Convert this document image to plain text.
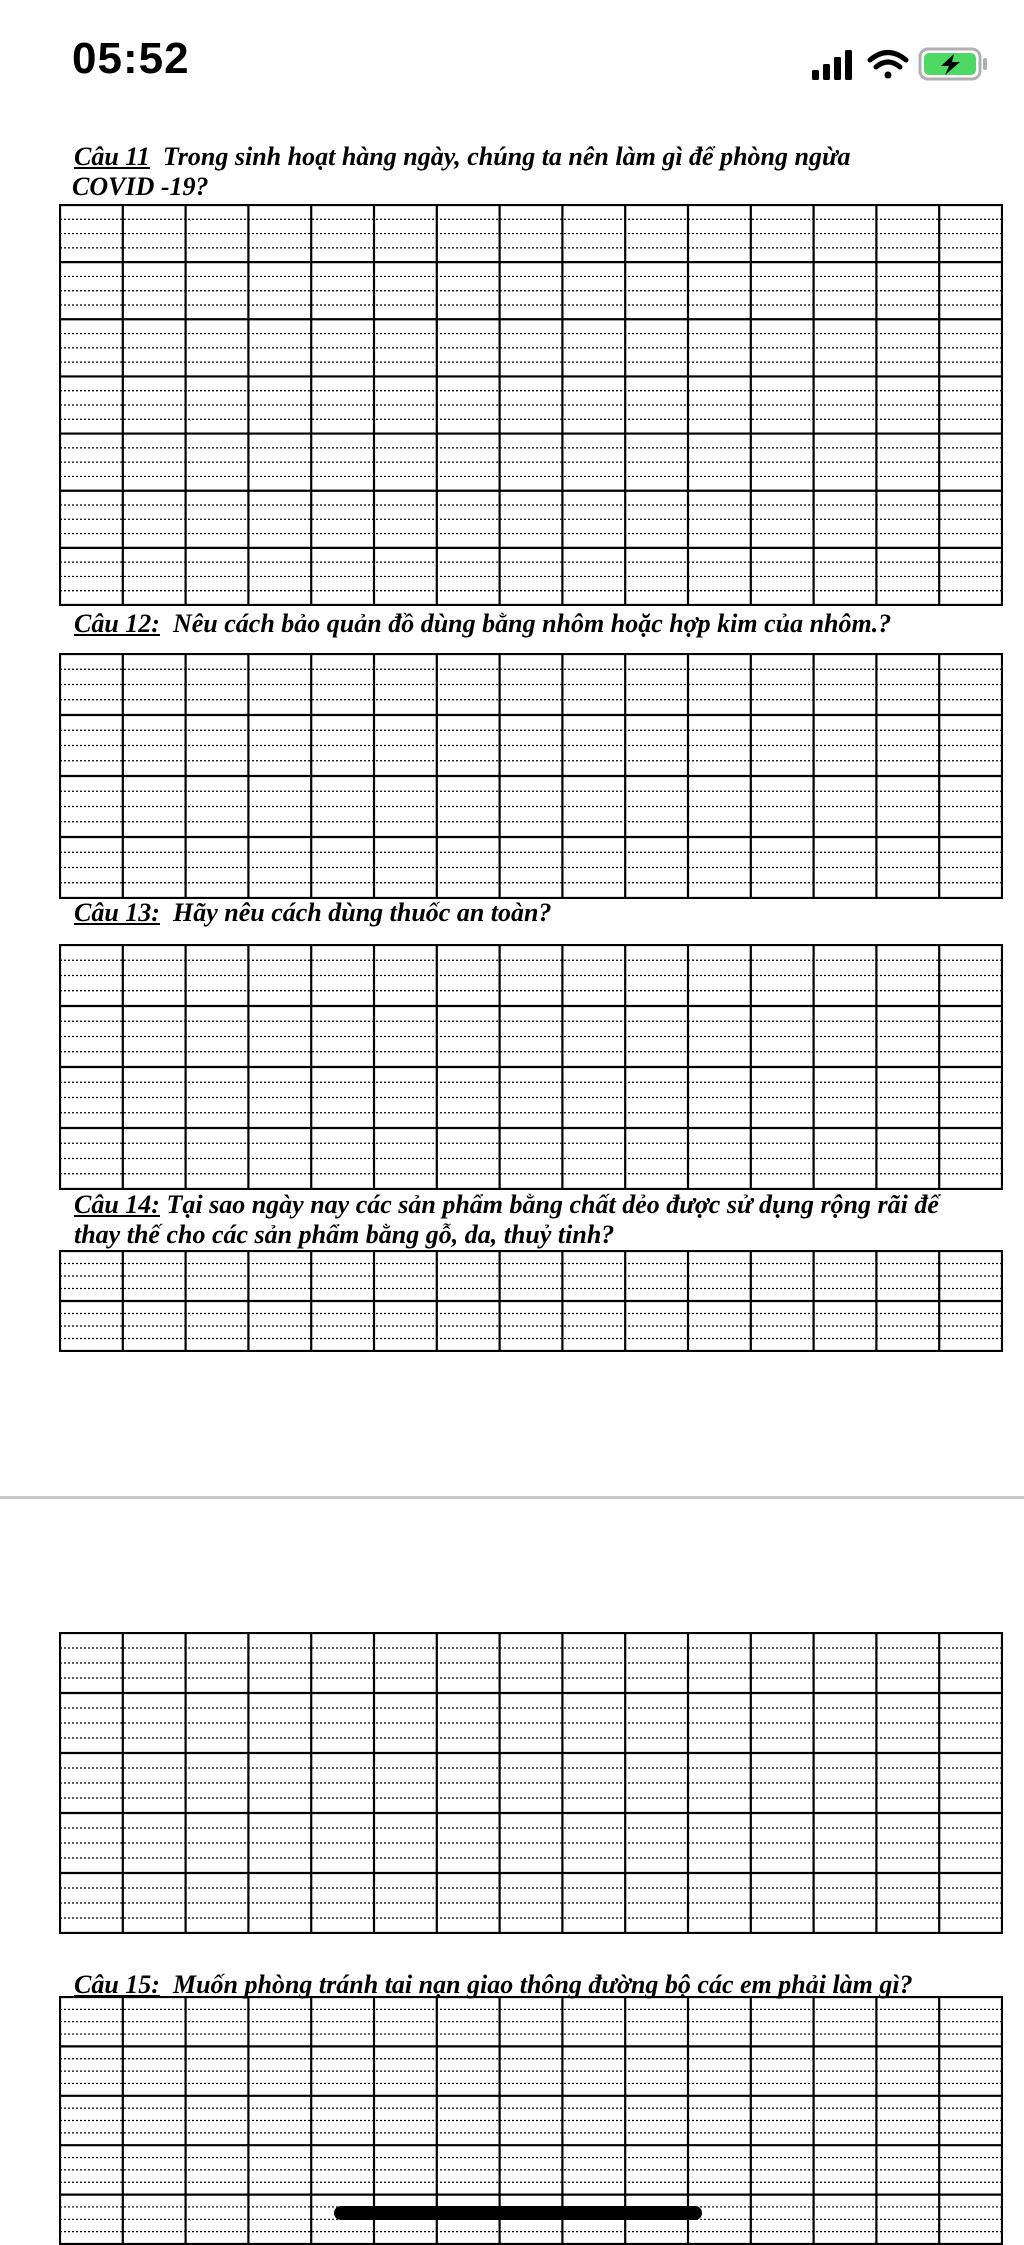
05:52
Câu 11 Trong sinh hoạt hàng ngày, chúng ta nên làm gì để phòng ngừa
COVID -19?
Câu 12: Nêu cách bảo quản đồ dùng bằng nhôm hoặc hợp kim của nhôm.?
Câu 13: Hãy nêu cách dùng thuốc an toàn?
Câu 14: Tại sao ngày nay các sản phẩm bằng chất dẻo được sử dụng rộng rãi để
thay thế cho các sản phẩm bằng gỗ, da, thuỷ tinh?
Câu 15: Muốn phòng tránh tai nạn giao thông đường bộ các em phải làm gì?
